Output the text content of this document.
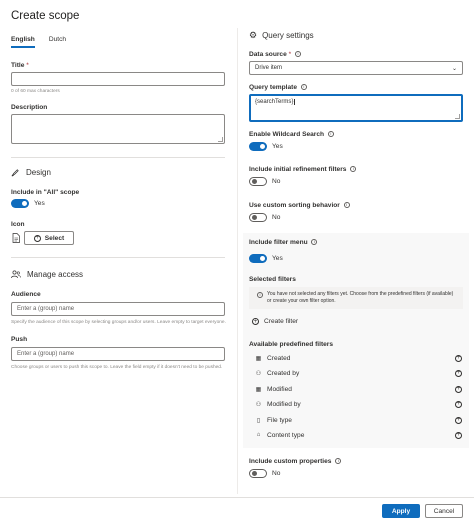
Create scope
English Dutch
Title *
0 of 60 max characters
Description
Design
Include in "All" scope
Yes
Icon
+ Select
Manage access
Audience
Enter a (group) name
Specify the audience of this scope by selecting groups and/or users. Leave empty to target everyone.
Push
Enter a (group) name
Choose groups or users to push this scope to. Leave the field empty if it doesn't need to be pushed.
⚙ Query settings
Data source * i
Drive item	⌄
Query template i
{searchTerms}
Enable Wildcard Search i
Yes
Include initial refinement filters i
No
Use custom sorting behavior i
No
Include filter menu i
Yes
Selected filters
i	You have not selected any filters yet. Choose from the predefined filters (if available) or create your own filter option.
+ Create filter
Available predefined filters
▦ Created	+
⚇ Created by	+
▦ Modified	+
⚇ Modified by	+
▯ File type	+
⌂ Content type	+
Include custom properties i
No
Apply	Cancel
